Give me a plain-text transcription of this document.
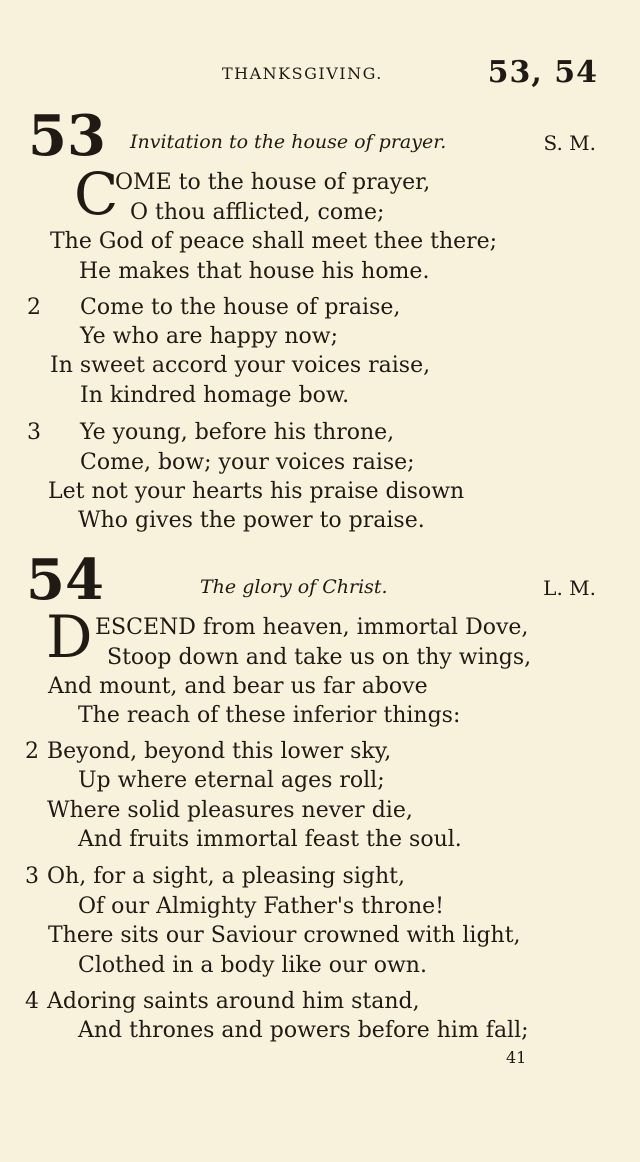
THANKSGIVING.	53, 54
53 Invitation to the house of prayer.	S. M.
C
OME to the house of prayer,
O thou afflicted, come;
The God of peace shall meet thee there;
He makes that house his home.
2 Come to the house of praise,
Ye who are happy now;
In sweet accord your voices raise,
In kindred homage bow.
3 Ye young, before his throne,
Come, bow; your voices raise;
Let not your hearts his praise disown
Who gives the power to praise.
54	The glory of Christ.	L. M.
D ESCEND from heaven, immortal Dove,
Stoop down and take us on thy wings,
And mount, and bear us far above
The reach of these inferior things:
2 Beyond, beyond this lower sky,
Up where eternal ages roll;
Where solid pleasures never die,
And fruits immortal feast the soul.
3 Oh, for a sight, a pleasing sight,
Of our Almighty Father's throne!
There sits our Saviour crowned with light,
Clothed in a body like our own.
4 Adoring saints around him stand,
And thrones and powers before him fall;
41
